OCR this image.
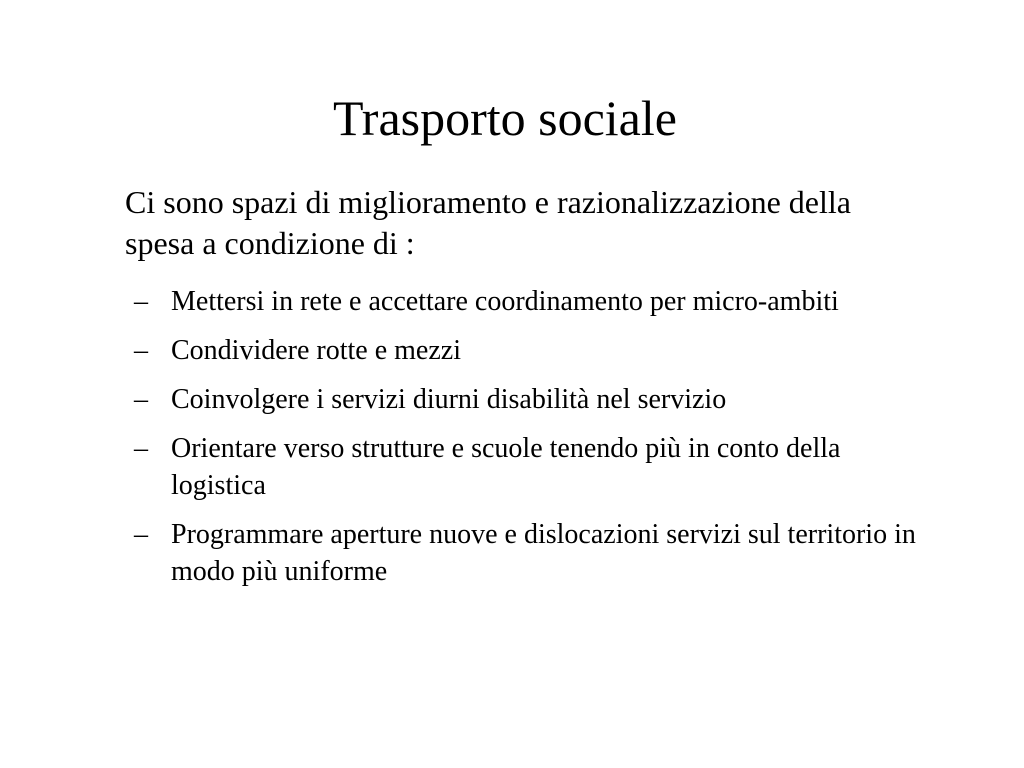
Trasporto sociale

Ci sono spazi di miglioramento e razionalizzazione della spesa a condizione di :

– Mettersi in rete e accettare coordinamento per micro-ambiti
– Condividere rotte e mezzi
– Coinvolgere i servizi diurni disabilità nel servizio
– Orientare verso strutture e scuole tenendo più in conto della logistica
– Programmare aperture nuove e dislocazioni servizi sul territorio in modo più uniforme
